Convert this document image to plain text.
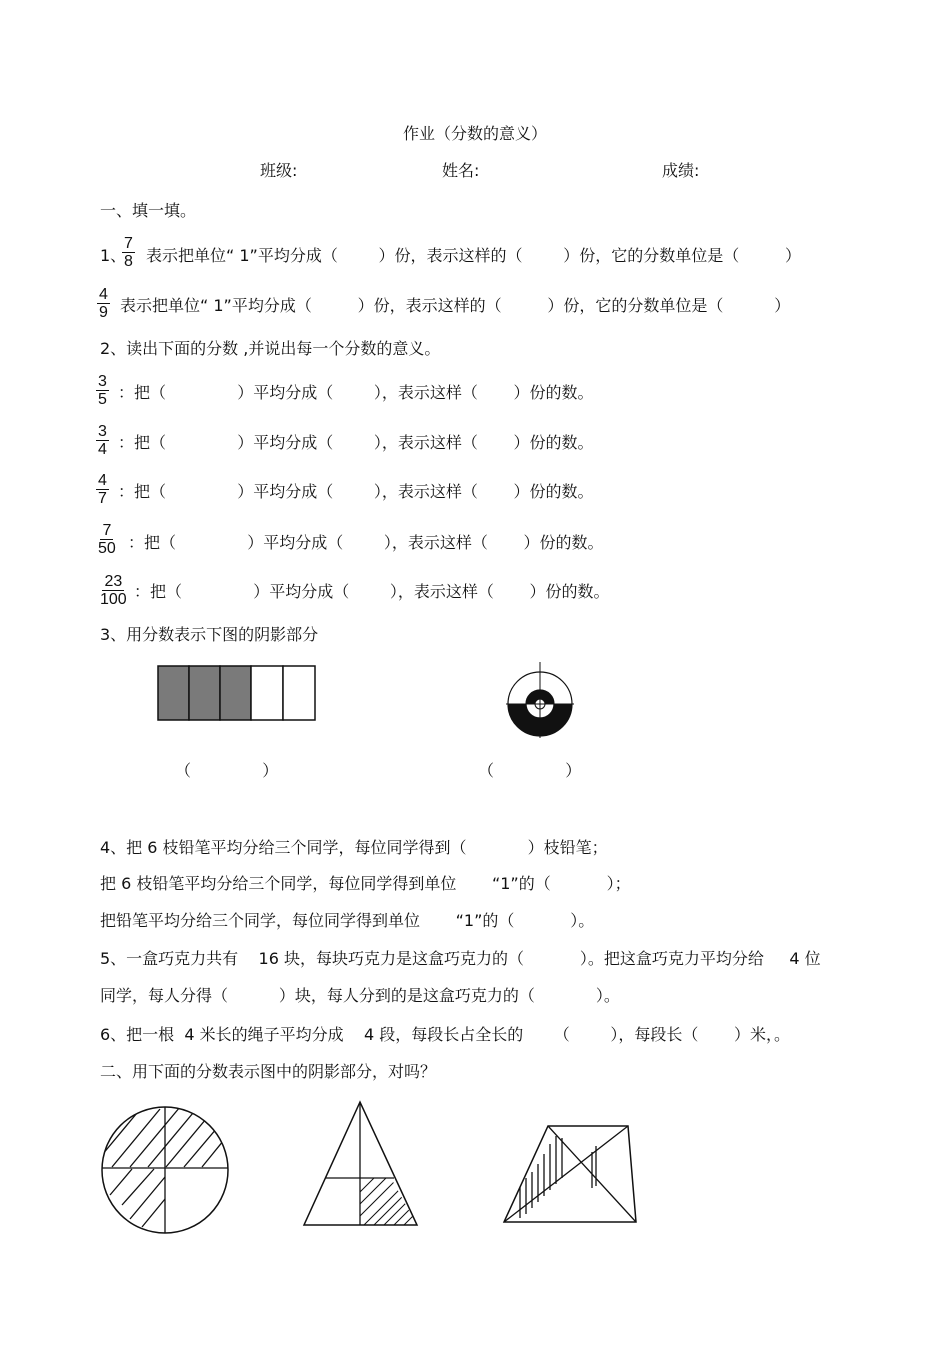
作业（分数的意义）
班级:	姓名:	成绩:
一、填一填。
1、
$\frac{7}{8}$ 表示把单位“ 1”平均分成（        ）份，表示这样的（        ）份，它的分数单位是（         ）
$\frac{4}{9}$ 表示把单位“ 1”平均分成（         ）份，表示这样的（         ）份，它的分数单位是（          ）
2、读出下面的分数 ,并说出每一个分数的意义。
$\frac{3}{5}$ ：把（              ）平均分成（        ），表示这样（       ）份的数。
$\frac{3}{4}$ ：把（              ）平均分成（        ），表示这样（       ）份的数。
$\frac{4}{7}$ ：把（              ）平均分成（        ），表示这样（       ）份的数。
$\frac{7}{50}$ ：把（              ）平均分成（        ），表示这样（       ）份的数。
$\frac{23}{100}$ ：把（              ）平均分成（        ），表示这样（       ）份的数。
3、用分数表示下图的阴影部分
（              ）	（              ）
4、把 6 枝铅笔平均分给三个同学，每位同学得到（            ）枝铅笔；
把 6 枝铅笔平均分给三个同学，每位同学得到单位       “1”的（           ）；
把铅笔平均分给三个同学，每位同学得到单位       “1”的（           ）。
5、一盒巧克力共有    16 块，每块巧克力是这盒巧克力的（           ）。把这盒巧克力平均分给     4 位
同学，每人分得（          ）块，每人分到的是这盒巧克力的（            ）。
6、把一根  4 米长的绳子平均分成    4 段，每段长占全长的      （        ），每段长（       ）米，。
二、用下面的分数表示图中的阴影部分，对吗？
